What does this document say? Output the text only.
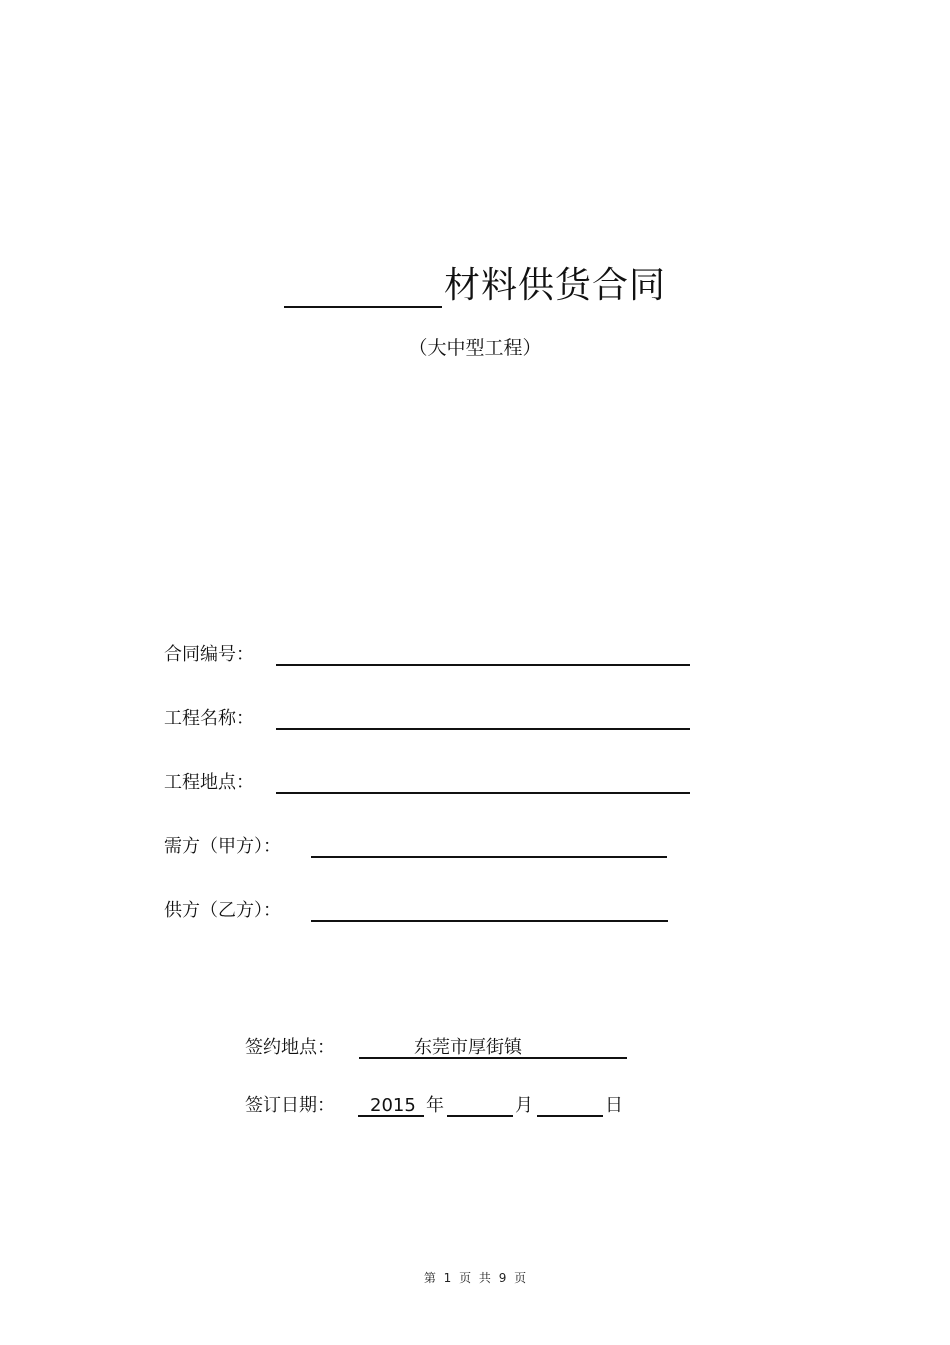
材料供货合同
（大中型工程）
合同编号：
工程名称：
工程地点：
需方（甲方）：
供方（乙方）：
签约地点：	东莞市厚街镇
签订日期： 2015 年	月	日
第 1 页 共 9 页
